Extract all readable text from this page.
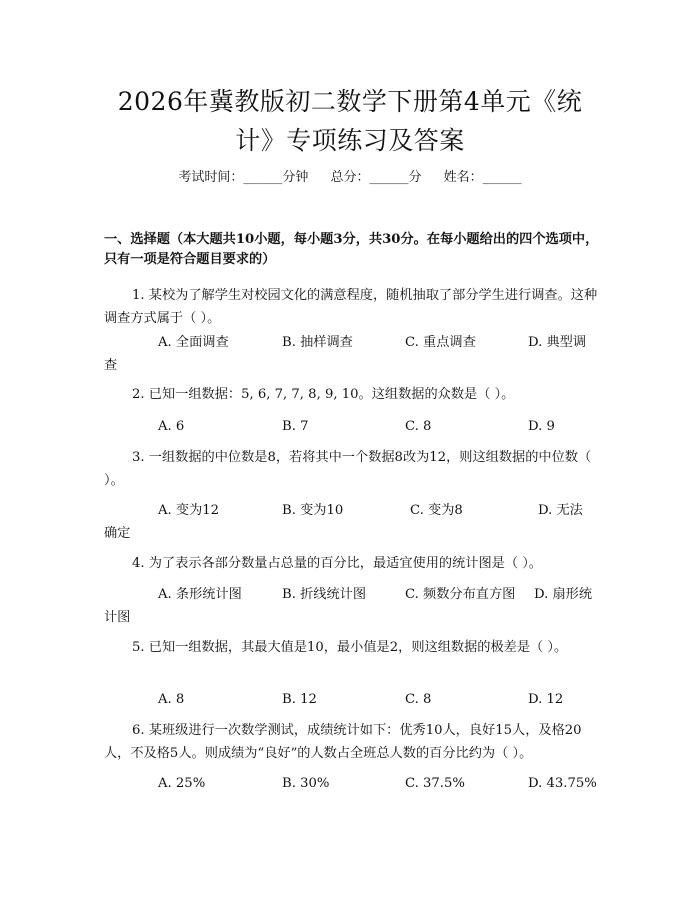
2026年冀教版初二数学下册第4单元《统
计》专项练习及答案
考试时间：______分钟 总分：______分 姓名：______
一、选择题（本大题共10小题，每小题3分，共30分。在每小题给出的四个选项中，只有一项是符合题目要求的）
1. 某校为了解学生对校园文化的满意程度，随机抽取了部分学生进行调查。这种调查方式属于（ ）。
A. 全面调查	B. 抽样调查	C. 重点调查	D. 典型调
查
2. 已知一组数据：5, 6, 7, 7, 8, 9, 10。这组数据的众数是（ ）。
A. 6	B. 7	C. 8	D. 9
3. 一组数据的中位数是8，若将其中一个数据8改为12，则这组数据的中位数（ ）。
A. 变为12	B. 变为10	C. 变为8	D. 无法
确定
4. 为了表示各部分数量占总量的百分比，最适宜使用的统计图是（ ）。
A. 条形统计图	B. 折线统计图	C. 频数分布直方图 D. 扇形统
计图
5. 已知一组数据，其最大值是10，最小值是2，则这组数据的极差是（ ）。
A. 8	B. 12	C. 8	D. 12
6. 某班级进行一次数学测试，成绩统计如下：优秀10人，良好15人，及格20人，不及格5人。则成绩为“良好”的人数占全班总人数的百分比约为（ ）。
A. 25%	B. 30%	C. 37.5%	D. 43.75%
